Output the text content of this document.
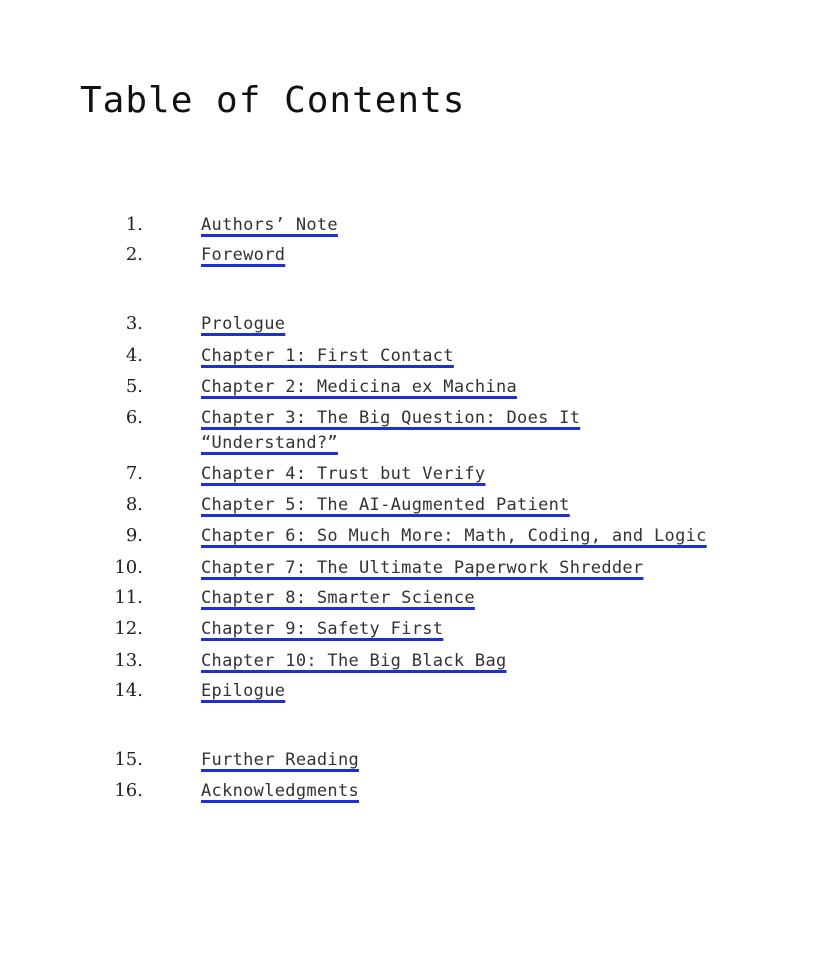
Table of Contents
1.	Authors’ Note
2.	Foreword
3.	Prologue
4.	Chapter 1: First Contact
5.	Chapter 2: Medicina ex Machina
6.	Chapter 3: The Big Question: Does It “Understand?”
7.	Chapter 4: Trust but Verify
8.	Chapter 5: The AI-Augmented Patient
9.	Chapter 6: So Much More: Math, Coding, and Logic
10.	Chapter 7: The Ultimate Paperwork Shredder
11.	Chapter 8: Smarter Science
12.	Chapter 9: Safety First
13.	Chapter 10: The Big Black Bag
14.	Epilogue
15.	Further Reading
16.	Acknowledgments
